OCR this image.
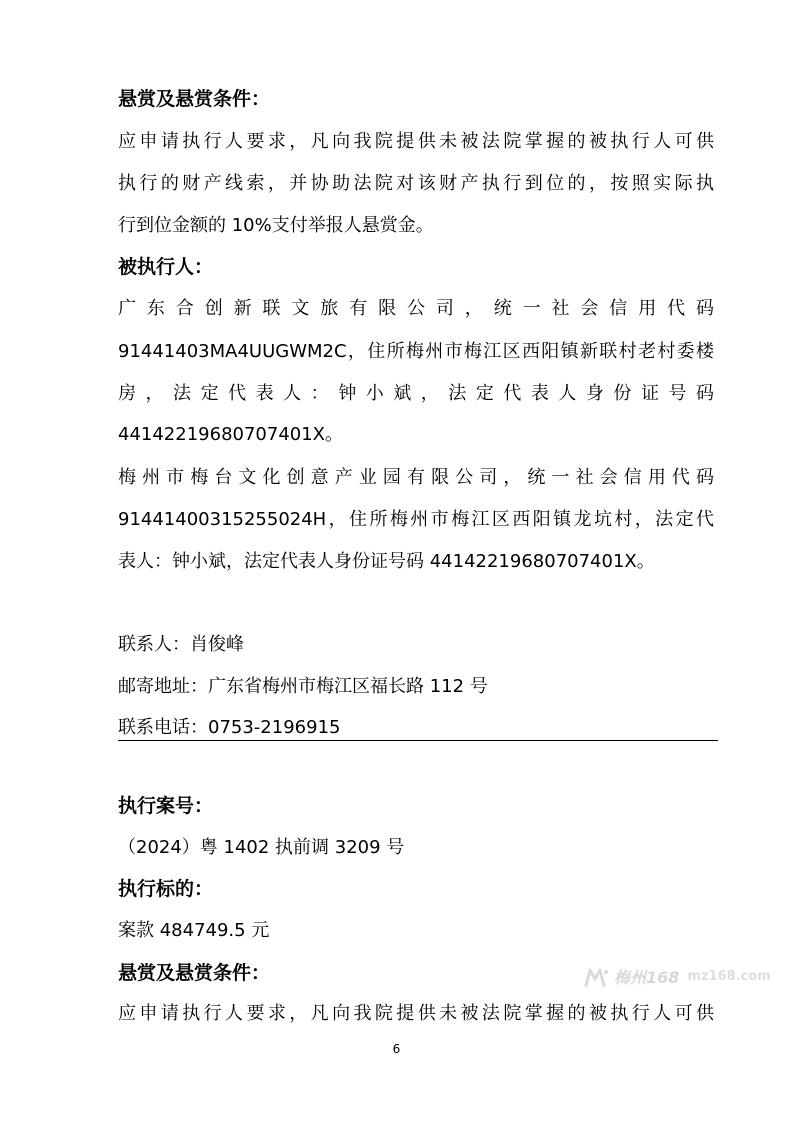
悬赏及悬赏条件：
应申请执行人要求，凡向我院提供未被法院掌握的被执行人可供
执行的财产线索，并协助法院对该财产执行到位的，按照实际执
行到位金额的 10%支付举报人悬赏金。
被执行人：
广东合创新联文旅有限公司，统一社会信用代码
91441403MA4UUGWM2C，住所梅州市梅江区西阳镇新联村老村委楼
房，法定代表人：钟小斌，法定代表人身份证号码
44142219680707401X。
梅州市梅台文化创意产业园有限公司，统一社会信用代码
91441400315255024H，住所梅州市梅江区西阳镇龙坑村，法定代
表人：钟小斌，法定代表人身份证号码 44142219680707401X。
联系人：肖俊峰
邮寄地址：广东省梅州市梅江区福长路 112 号
联系电话：0753-2196915
执行案号：
（2024）粤 1402 执前调 3209 号
执行标的：
案款 484749.5 元
悬赏及悬赏条件：
应申请执行人要求，凡向我院提供未被法院掌握的被执行人可供
梅州168 mz168.com
6
